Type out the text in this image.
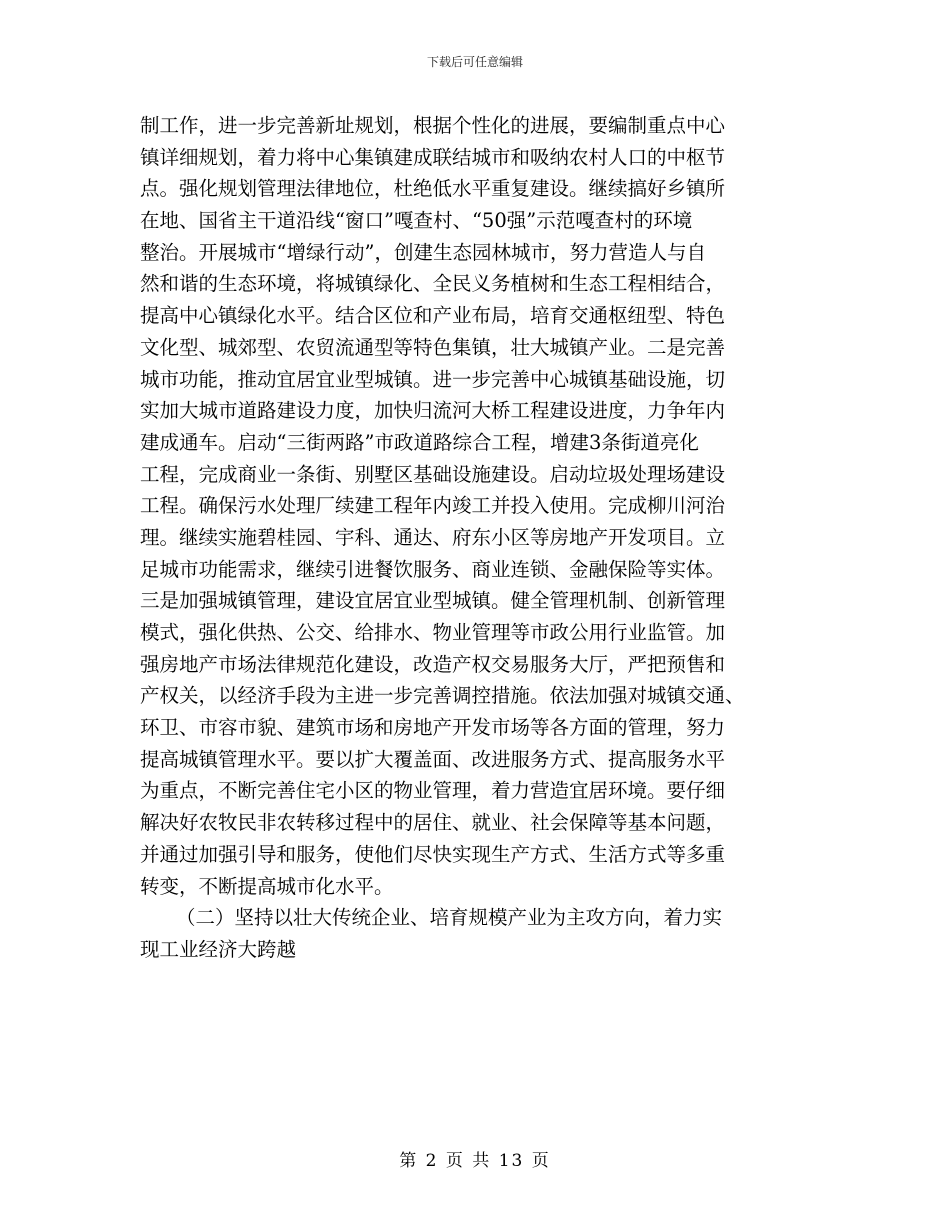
下载后可任意编辑
制工作，进一步完善新址规划，根据个性化的进展，要编制重点中心
镇详细规划，着力将中心集镇建成联结城市和吸纳农村人口的中枢节
点。强化规划管理法律地位，杜绝低水平重复建设。继续搞好乡镇所
在地、国省主干道沿线“窗口”嘎查村、“50强”示范嘎查村的环境
整治。开展城市“增绿行动”，创建生态园林城市，努力营造人与自
然和谐的生态环境，将城镇绿化、全民义务植树和生态工程相结合，
提高中心镇绿化水平。结合区位和产业布局，培育交通枢纽型、特色
文化型、城郊型、农贸流通型等特色集镇，壮大城镇产业。二是完善
城市功能，推动宜居宜业型城镇。进一步完善中心城镇基础设施，切
实加大城市道路建设力度，加快归流河大桥工程建设进度，力争年内
建成通车。启动“三街两路”市政道路综合工程，增建3条街道亮化
工程，完成商业一条街、别墅区基础设施建设。启动垃圾处理场建设
工程。确保污水处理厂续建工程年内竣工并投入使用。完成柳川河治
理。继续实施碧桂园、宇科、通达、府东小区等房地产开发项目。立
足城市功能需求，继续引进餐饮服务、商业连锁、金融保险等实体。
三是加强城镇管理，建设宜居宜业型城镇。健全管理机制、创新管理
模式，强化供热、公交、给排水、物业管理等市政公用行业监管。加
强房地产市场法律规范化建设，改造产权交易服务大厅，严把预售和
产权关，以经济手段为主进一步完善调控措施。依法加强对城镇交通、
环卫、市容市貌、建筑市场和房地产开发市场等各方面的管理，努力
提高城镇管理水平。要以扩大覆盖面、改进服务方式、提高服务水平
为重点，不断完善住宅小区的物业管理，着力营造宜居环境。要仔细
解决好农牧民非农转移过程中的居住、就业、社会保障等基本问题，
并通过加强引导和服务，使他们尽快实现生产方式、生活方式等多重
转变，不断提高城市化水平。
（二）坚持以壮大传统企业、培育规模产业为主攻方向，着力实
现工业经济大跨越
第 2 页 共 13 页
